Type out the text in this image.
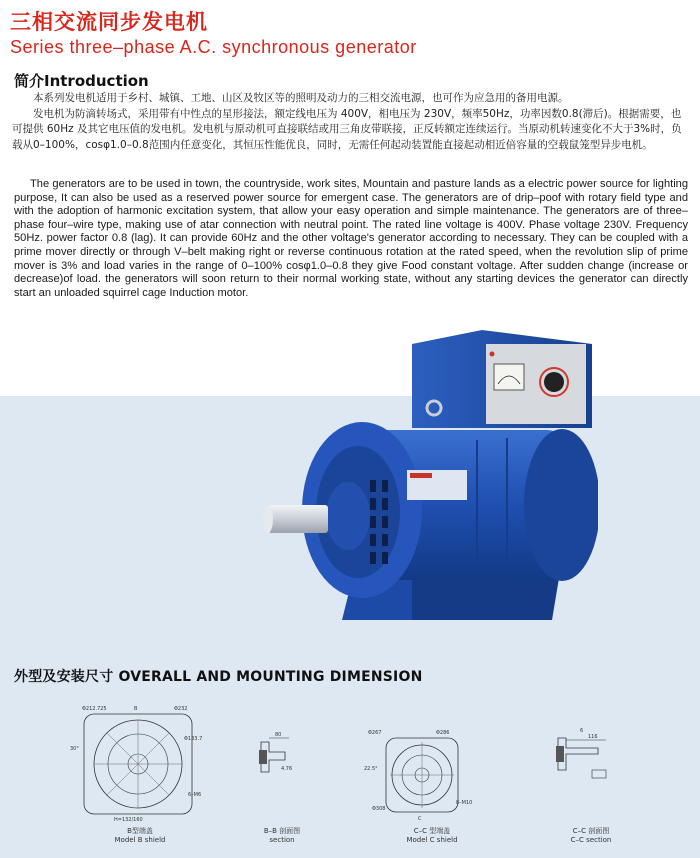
三相交流同步发电机
Series three–phase A.C. synchronous generator
简介Introduction

本系列发电机适用于乡村、城镇、工地、山区及牧区等的照明及动力的三相交流电源，也可作为应急用的备用电源。

发电机为防滴转场式，采用带有中性点的星形接法，额定线电压为 400V，相电压为 230V，频率50Hz，功率因数0.8(滞后)。根据需要，也可提供 60Hz 及其它电压值的发电机。发电机与原动机可直接联结或用三角皮带联接，正反转额定连续运行。当原动机转速变化不大于3%时，负载从0–100%，cosφ1.0–0.8范围内任意变化，其恒压性能优良，同时，无需任何起动装置能直接起动相近倍容量的空载鼠笼型异步电机。

The generators are to be used in town, the countryside, work sites, Mountain and pasture lands as a electric power source for lighting purpose, It can also be used as a reserved power source for emergent case. The generators are of drip–poof with rotary field type and with the adoption of harmonic excitation system, that allow your easy operation and simple maintenance. The generators are of three–phase four–wire type, making use of atar connection with neutral point. The rated line voltage is 400V. Phase voltage 230V. Frequency 50Hz. power factor 0.8 (lag). It can provide 60Hz and the other voltage's generator according to necessary. They can be coupled with a prime mover directly or through V–belt making right or reverse continuous rotation at the rated speed, when the revolution slip of prime mover is 3% and load varies in the range of 0–100% cosφ1.0–0.8 they give Food constant voltage. After sudden change (increase or decrease)of load. the generators will soon return to their normal working state, without any starting devices the generator can directly start an unloaded squirrel cage Induction motor.
外型及安装尺寸 OVERALL AND MOUNTING DIMENSION
Φ212.725	B	Φ232
Φ133.7
30°
6–M6
H=132/160
B型端盖
Model B shield
80
4.76
B–B 剖面图
section
Φ267	Φ286
22.5°
Φ308
C
8–M10
C–C 型端盖
Model C shield
6
116
C–C 剖面图
C–C section
